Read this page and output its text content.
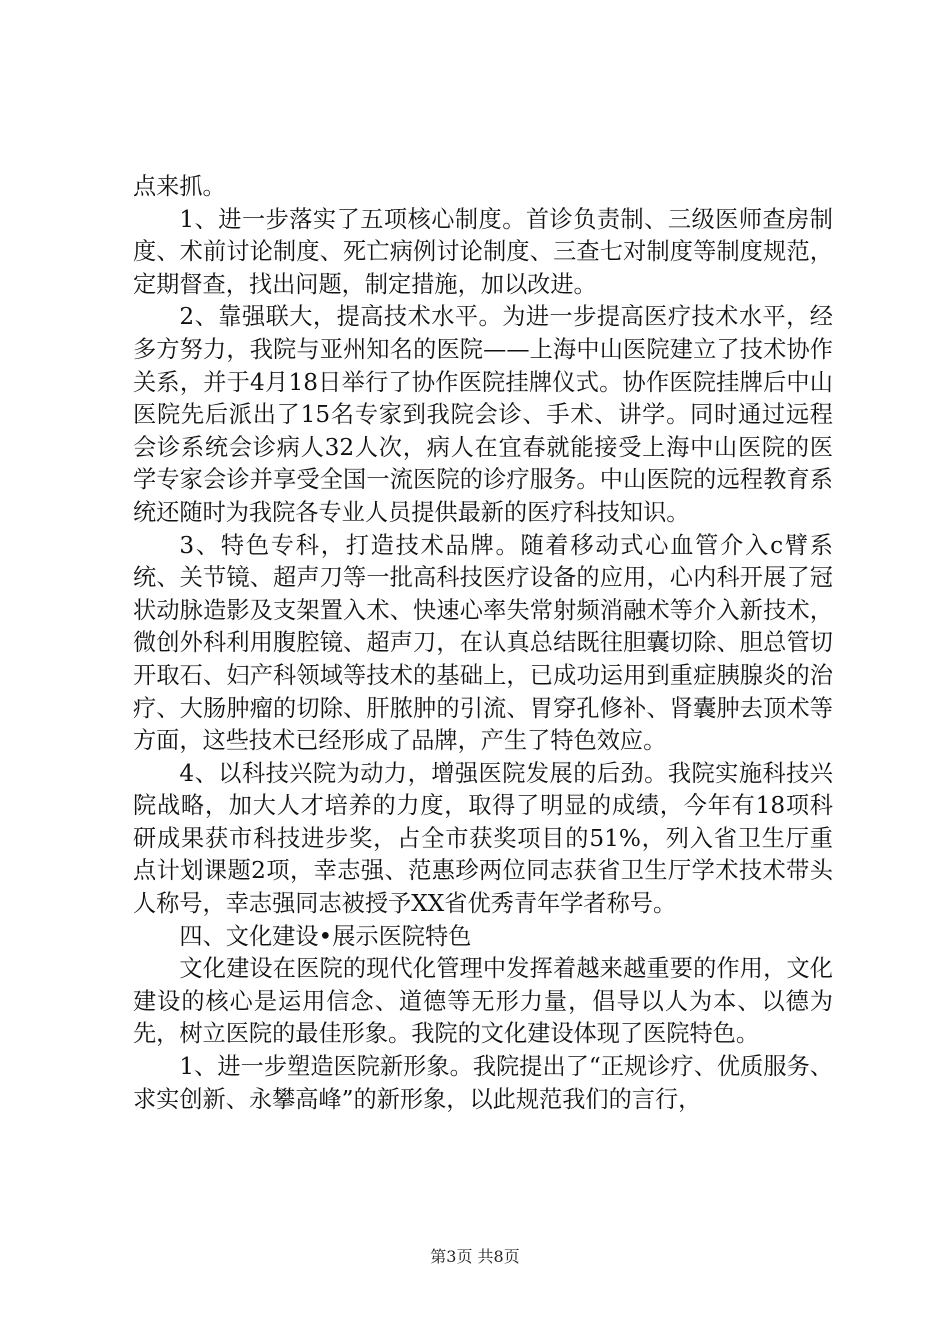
点来抓。

1、进一步落实了五项核心制度。首诊负责制、三级医师查房制度、术前讨论制度、死亡病例讨论制度、三查七对制度等制度规范，定期督查，找出问题，制定措施，加以改进。

2、靠强联大，提高技术水平。为进一步提高医疗技术水平，经多方努力，我院与亚州知名的医院——上海中山医院建立了技术协作关系，并于4月18日举行了协作医院挂牌仪式。协作医院挂牌后中山医院先后派出了15名专家到我院会诊、手术、讲学。同时通过远程会诊系统会诊病人32人次，病人在宜春就能接受上海中山医院的医学专家会诊并享受全国一流医院的诊疗服务。中山医院的远程教育系统还随时为我院各专业人员提供最新的医疗科技知识。

3、特色专科，打造技术品牌。随着移动式心血管介入c臂系统、关节镜、超声刀等一批高科技医疗设备的应用，心内科开展了冠状动脉造影及支架置入术、快速心率失常射频消融术等介入新技术，微创外科利用腹腔镜、超声刀，在认真总结既往胆囊切除、胆总管切开取石、妇产科领域等技术的基础上，已成功运用到重症胰腺炎的治疗、大肠肿瘤的切除、肝脓肿的引流、胃穿孔修补、肾囊肿去顶术等方面，这些技术已经形成了品牌，产生了特色效应。

4、以科技兴院为动力，增强医院发展的后劲。我院实施科技兴院战略，加大人才培养的力度，取得了明显的成绩，今年有18项科研成果获市科技进步奖，占全市获奖项目的51%，列入省卫生厅重点计划课题2项，幸志强、范惠珍两位同志获省卫生厅学术技术带头人称号，幸志强同志被授予XX省优秀青年学者称号。

四、文化建设•展示医院特色

文化建设在医院的现代化管理中发挥着越来越重要的作用，文化建设的核心是运用信念、道德等无形力量，倡导以人为本、以德为先，树立医院的最佳形象。我院的文化建设体现了医院特色。

1、进一步塑造医院新形象。我院提出了“正规诊疗、优质服务、求实创新、永攀高峰”的新形象，以此规范我们的言行，

第3页 共8页
